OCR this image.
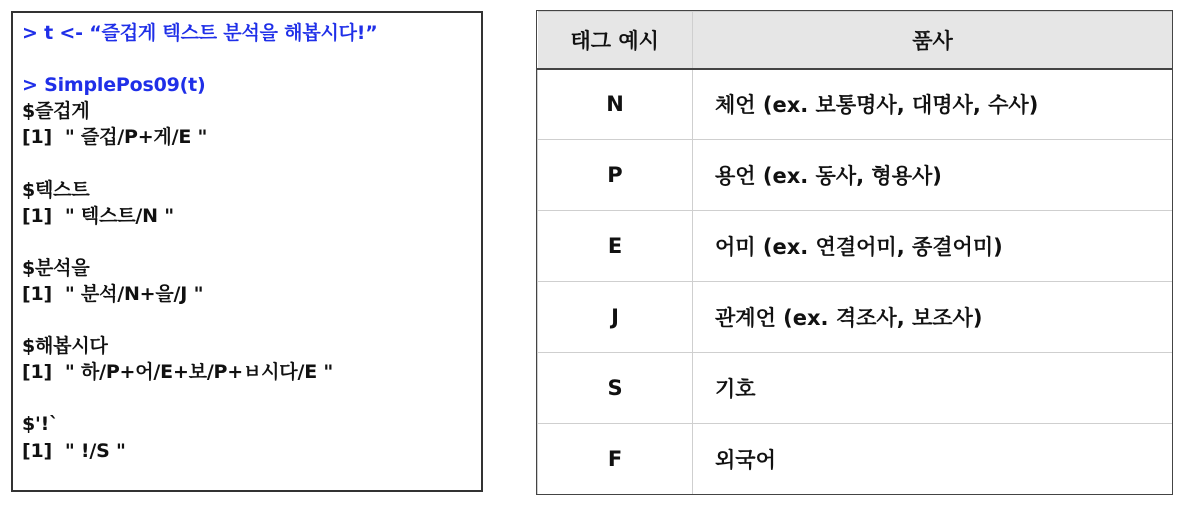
> t <- “즐겁게 텍스트 분석을 해봅시다!”
> SimplePos09(t)
$즐겁게
[1]  " 즐겁/P+게/E "
$텍스트
[1]  " 텍스트/N "
$분석을
[1]  " 분석/N+을/J "
$해봅시다
[1]  " 하/P+어/E+보/P+ㅂ시다/E "
$'!`
[1]  " !/S "
태그 예시	품사
N	체언 (ex. 보통명사, 대명사, 수사)
P	용언 (ex. 동사, 형용사)
E	어미 (ex. 연결어미, 종결어미)
J	관계언 (ex. 격조사, 보조사)
S	기호
F	외국어
